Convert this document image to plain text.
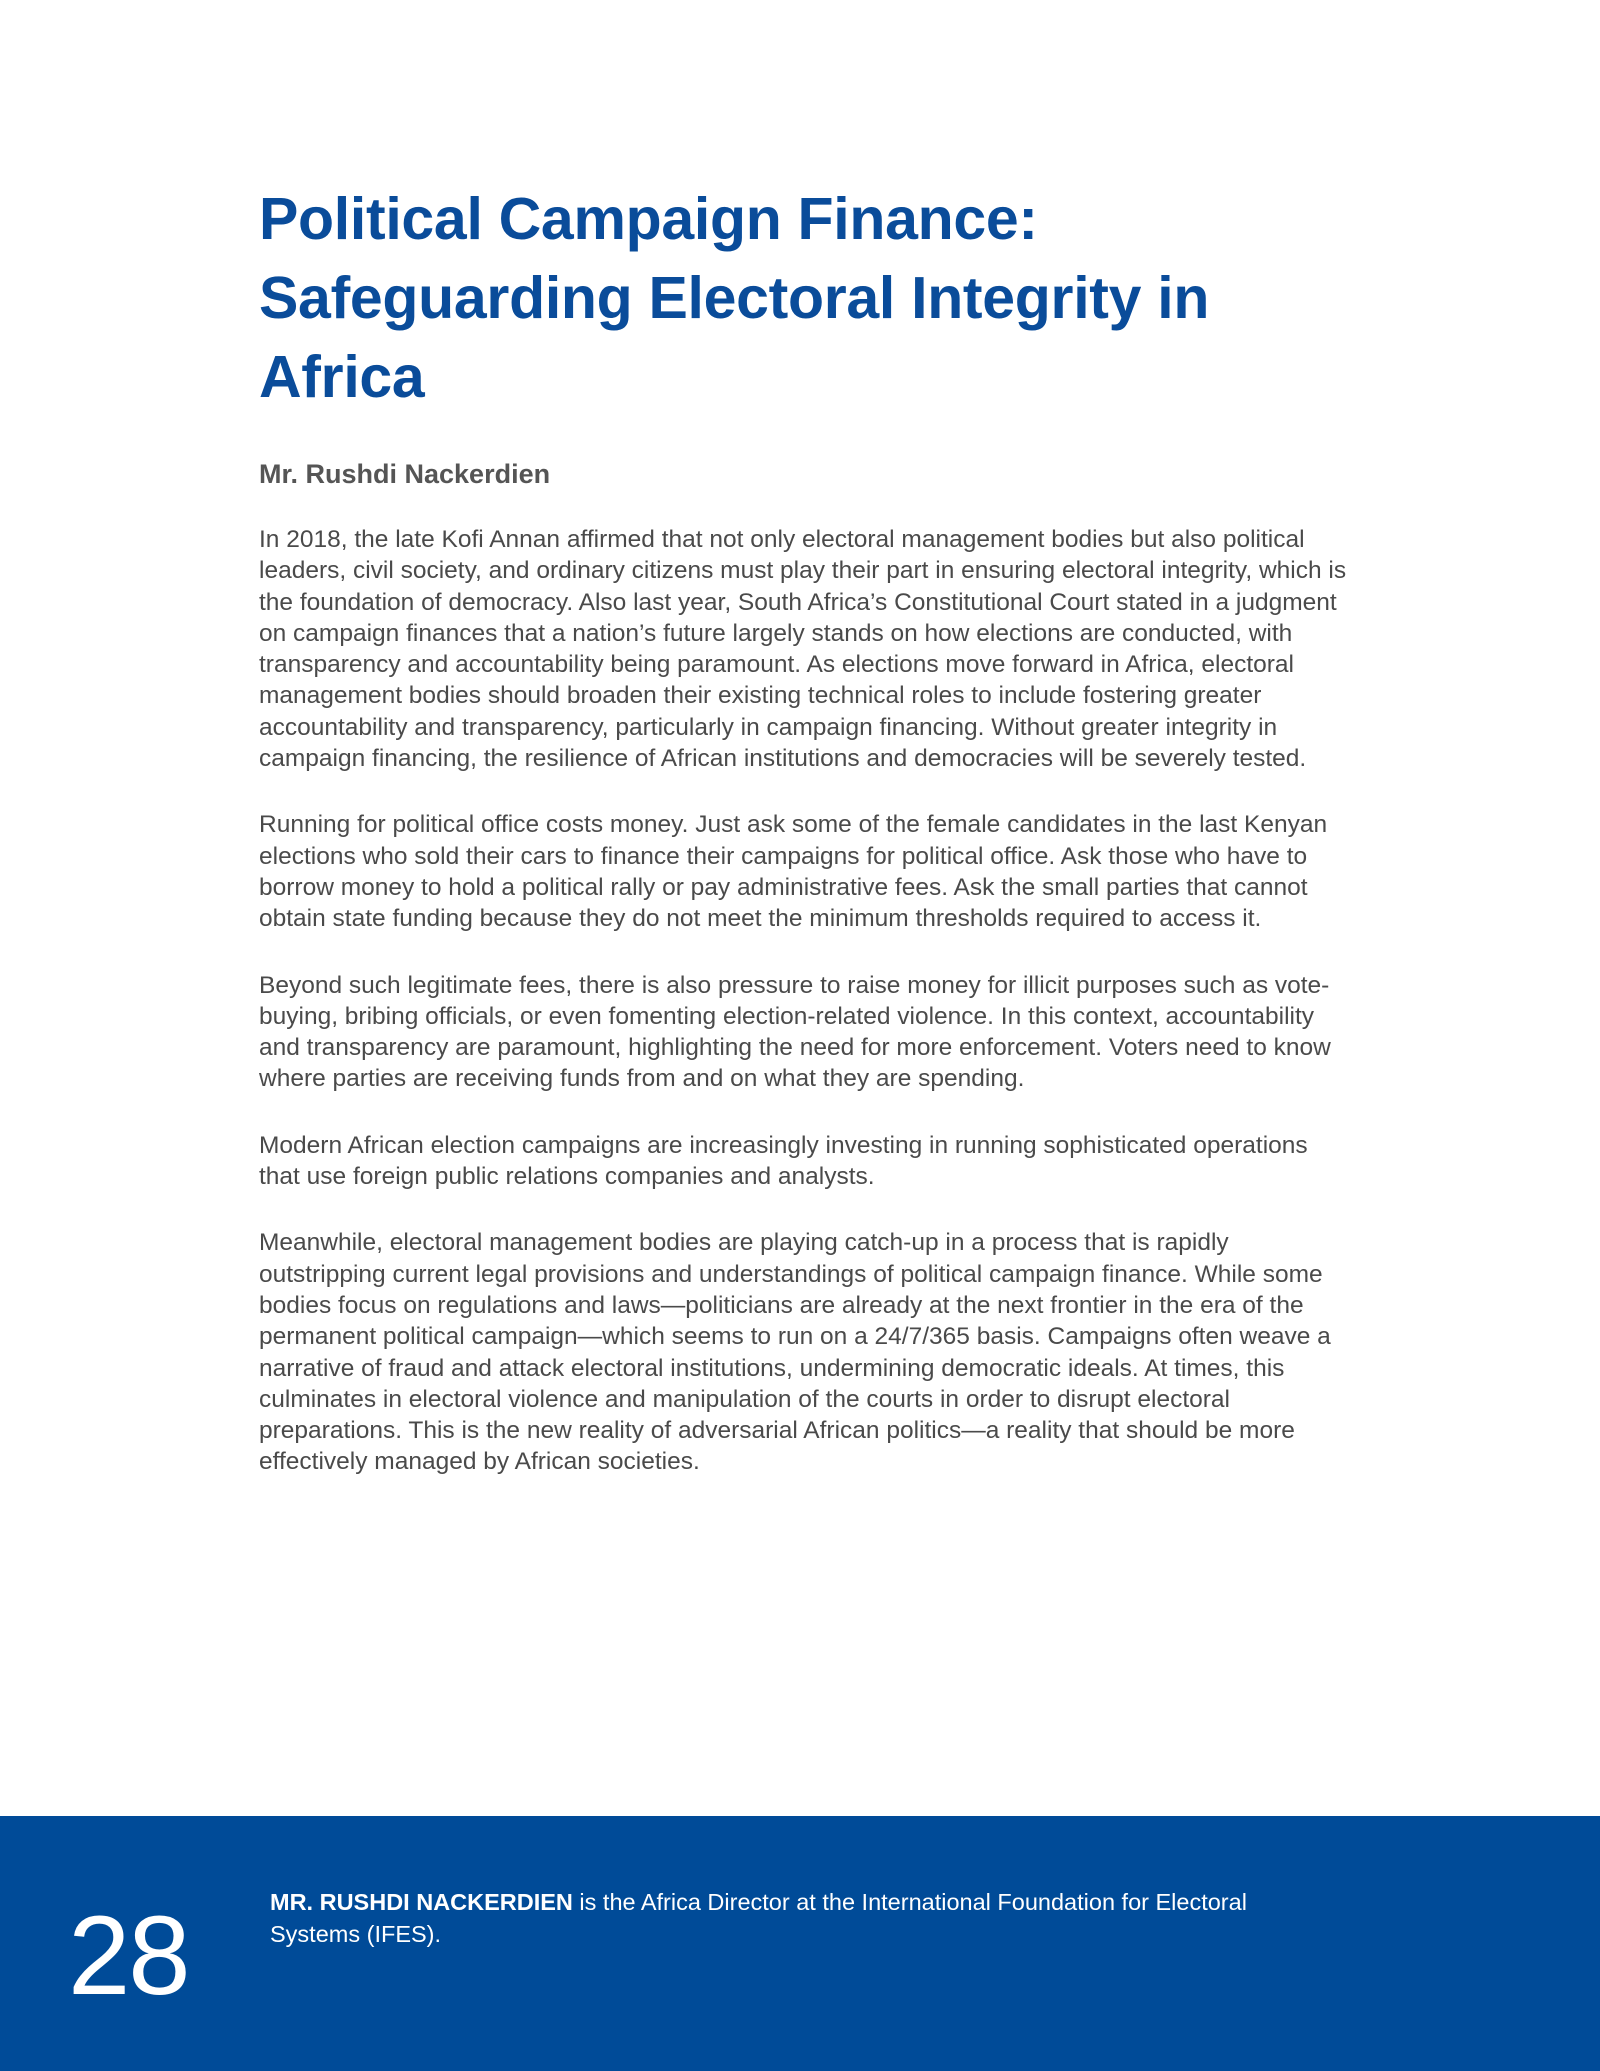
Political Campaign Finance:
Safeguarding Electoral Integrity in
Africa

Mr. Rushdi Nackerdien

In 2018, the late Kofi Annan affirmed that not only electoral management bodies but also political leaders, civil society, and ordinary citizens must play their part in ensuring electoral integrity, which is the foundation of democracy. Also last year, South Africa’s Constitutional Court stated in a judgment on campaign finances that a nation’s future largely stands on how elections are conducted, with transparency and accountability being paramount. As elections move forward in Africa, electoral management bodies should broaden their existing technical roles to include fostering greater accountability and transparency, particularly in campaign financing. Without greater integrity in campaign financing, the resilience of African institutions and democracies will be severely tested.

Running for political office costs money. Just ask some of the female candidates in the last Kenyan elections who sold their cars to finance their campaigns for political office. Ask those who have to borrow money to hold a political rally or pay administrative fees. Ask the small parties that cannot obtain state funding because they do not meet the minimum thresholds required to access it.

Beyond such legitimate fees, there is also pressure to raise money for illicit purposes such as vote-buying, bribing officials, or even fomenting election-related violence. In this context, accountability and transparency are paramount, highlighting the need for more enforcement. Voters need to know where parties are receiving funds from and on what they are spending.

Modern African election campaigns are increasingly investing in running sophisticated operations that use foreign public relations companies and analysts.

Meanwhile, electoral management bodies are playing catch-up in a process that is rapidly outstripping current legal provisions and understandings of political campaign finance. While some bodies focus on regulations and laws—politicians are already at the next frontier in the era of the permanent political campaign—which seems to run on a 24/7/365 basis. Campaigns often weave a narrative of fraud and attack electoral institutions, undermining democratic ideals. At times, this culminates in electoral violence and manipulation of the courts in order to disrupt electoral preparations. This is the new reality of adversarial African politics—a reality that should be more effectively managed by African societies.

28	MR. RUSHDI NACKERDIEN is the Africa Director at the International Foundation for Electoral Systems (IFES).
